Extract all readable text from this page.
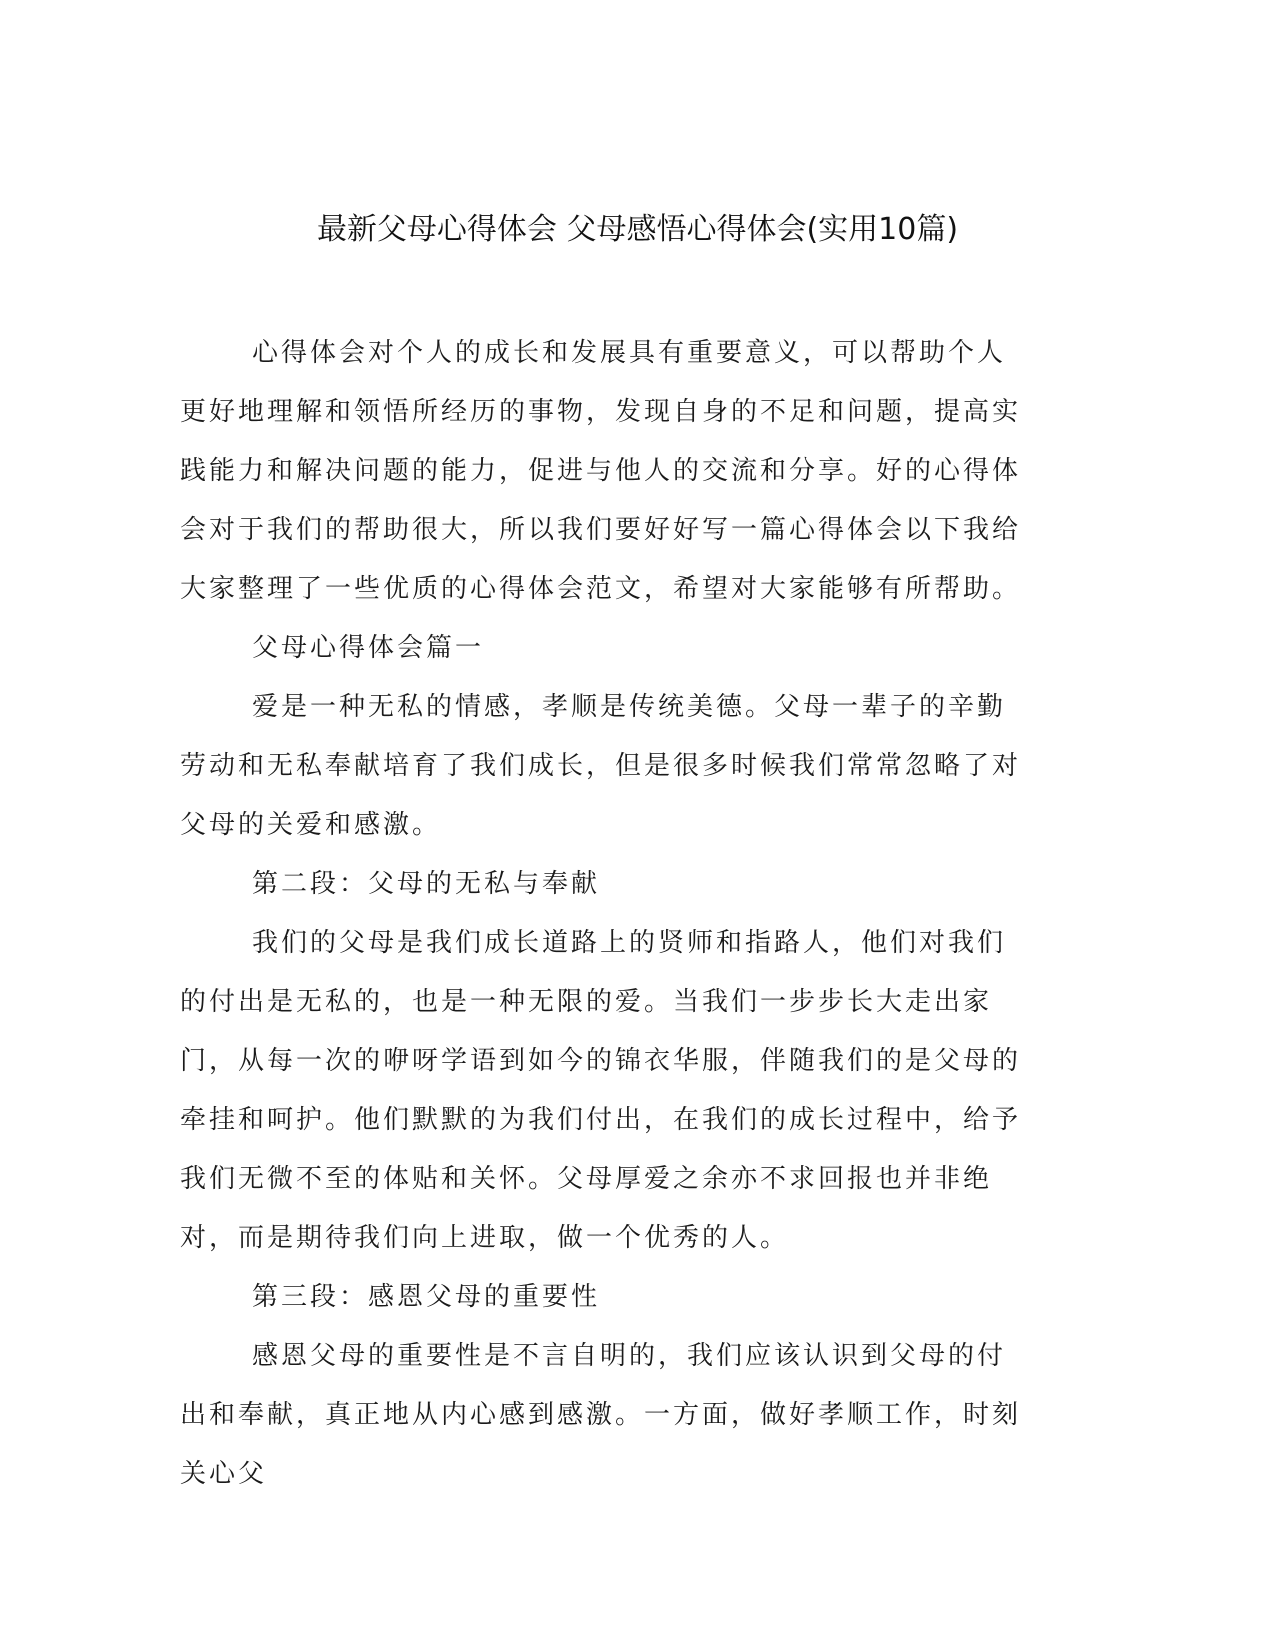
最新父母心得体会 父母感悟心得体会(实用10篇)

心得体会对个人的成长和发展具有重要意义，可以帮助个人更好地理解和领悟所经历的事物，发现自身的不足和问题，提高实践能力和解决问题的能力，促进与他人的交流和分享。好的心得体会对于我们的帮助很大，所以我们要好好写一篇心得体会以下我给大家整理了一些优质的心得体会范文，希望对大家能够有所帮助。

父母心得体会篇一

爱是一种无私的情感，孝顺是传统美德。父母一辈子的辛勤劳动和无私奉献培育了我们成长，但是很多时候我们常常忽略了对父母的关爱和感激。

第二段：父母的无私与奉献

我们的父母是我们成长道路上的贤师和指路人，他们对我们的付出是无私的，也是一种无限的爱。当我们一步步长大走出家门，从每一次的咿呀学语到如今的锦衣华服，伴随我们的是父母的牵挂和呵护。他们默默的为我们付出，在我们的成长过程中，给予我们无微不至的体贴和关怀。父母厚爱之余亦不求回报也并非绝对，而是期待我们向上进取，做一个优秀的人。

第三段：感恩父母的重要性

感恩父母的重要性是不言自明的，我们应该认识到父母的付出和奉献，真正地从内心感到感激。一方面，做好孝顺工作，时刻关心父
